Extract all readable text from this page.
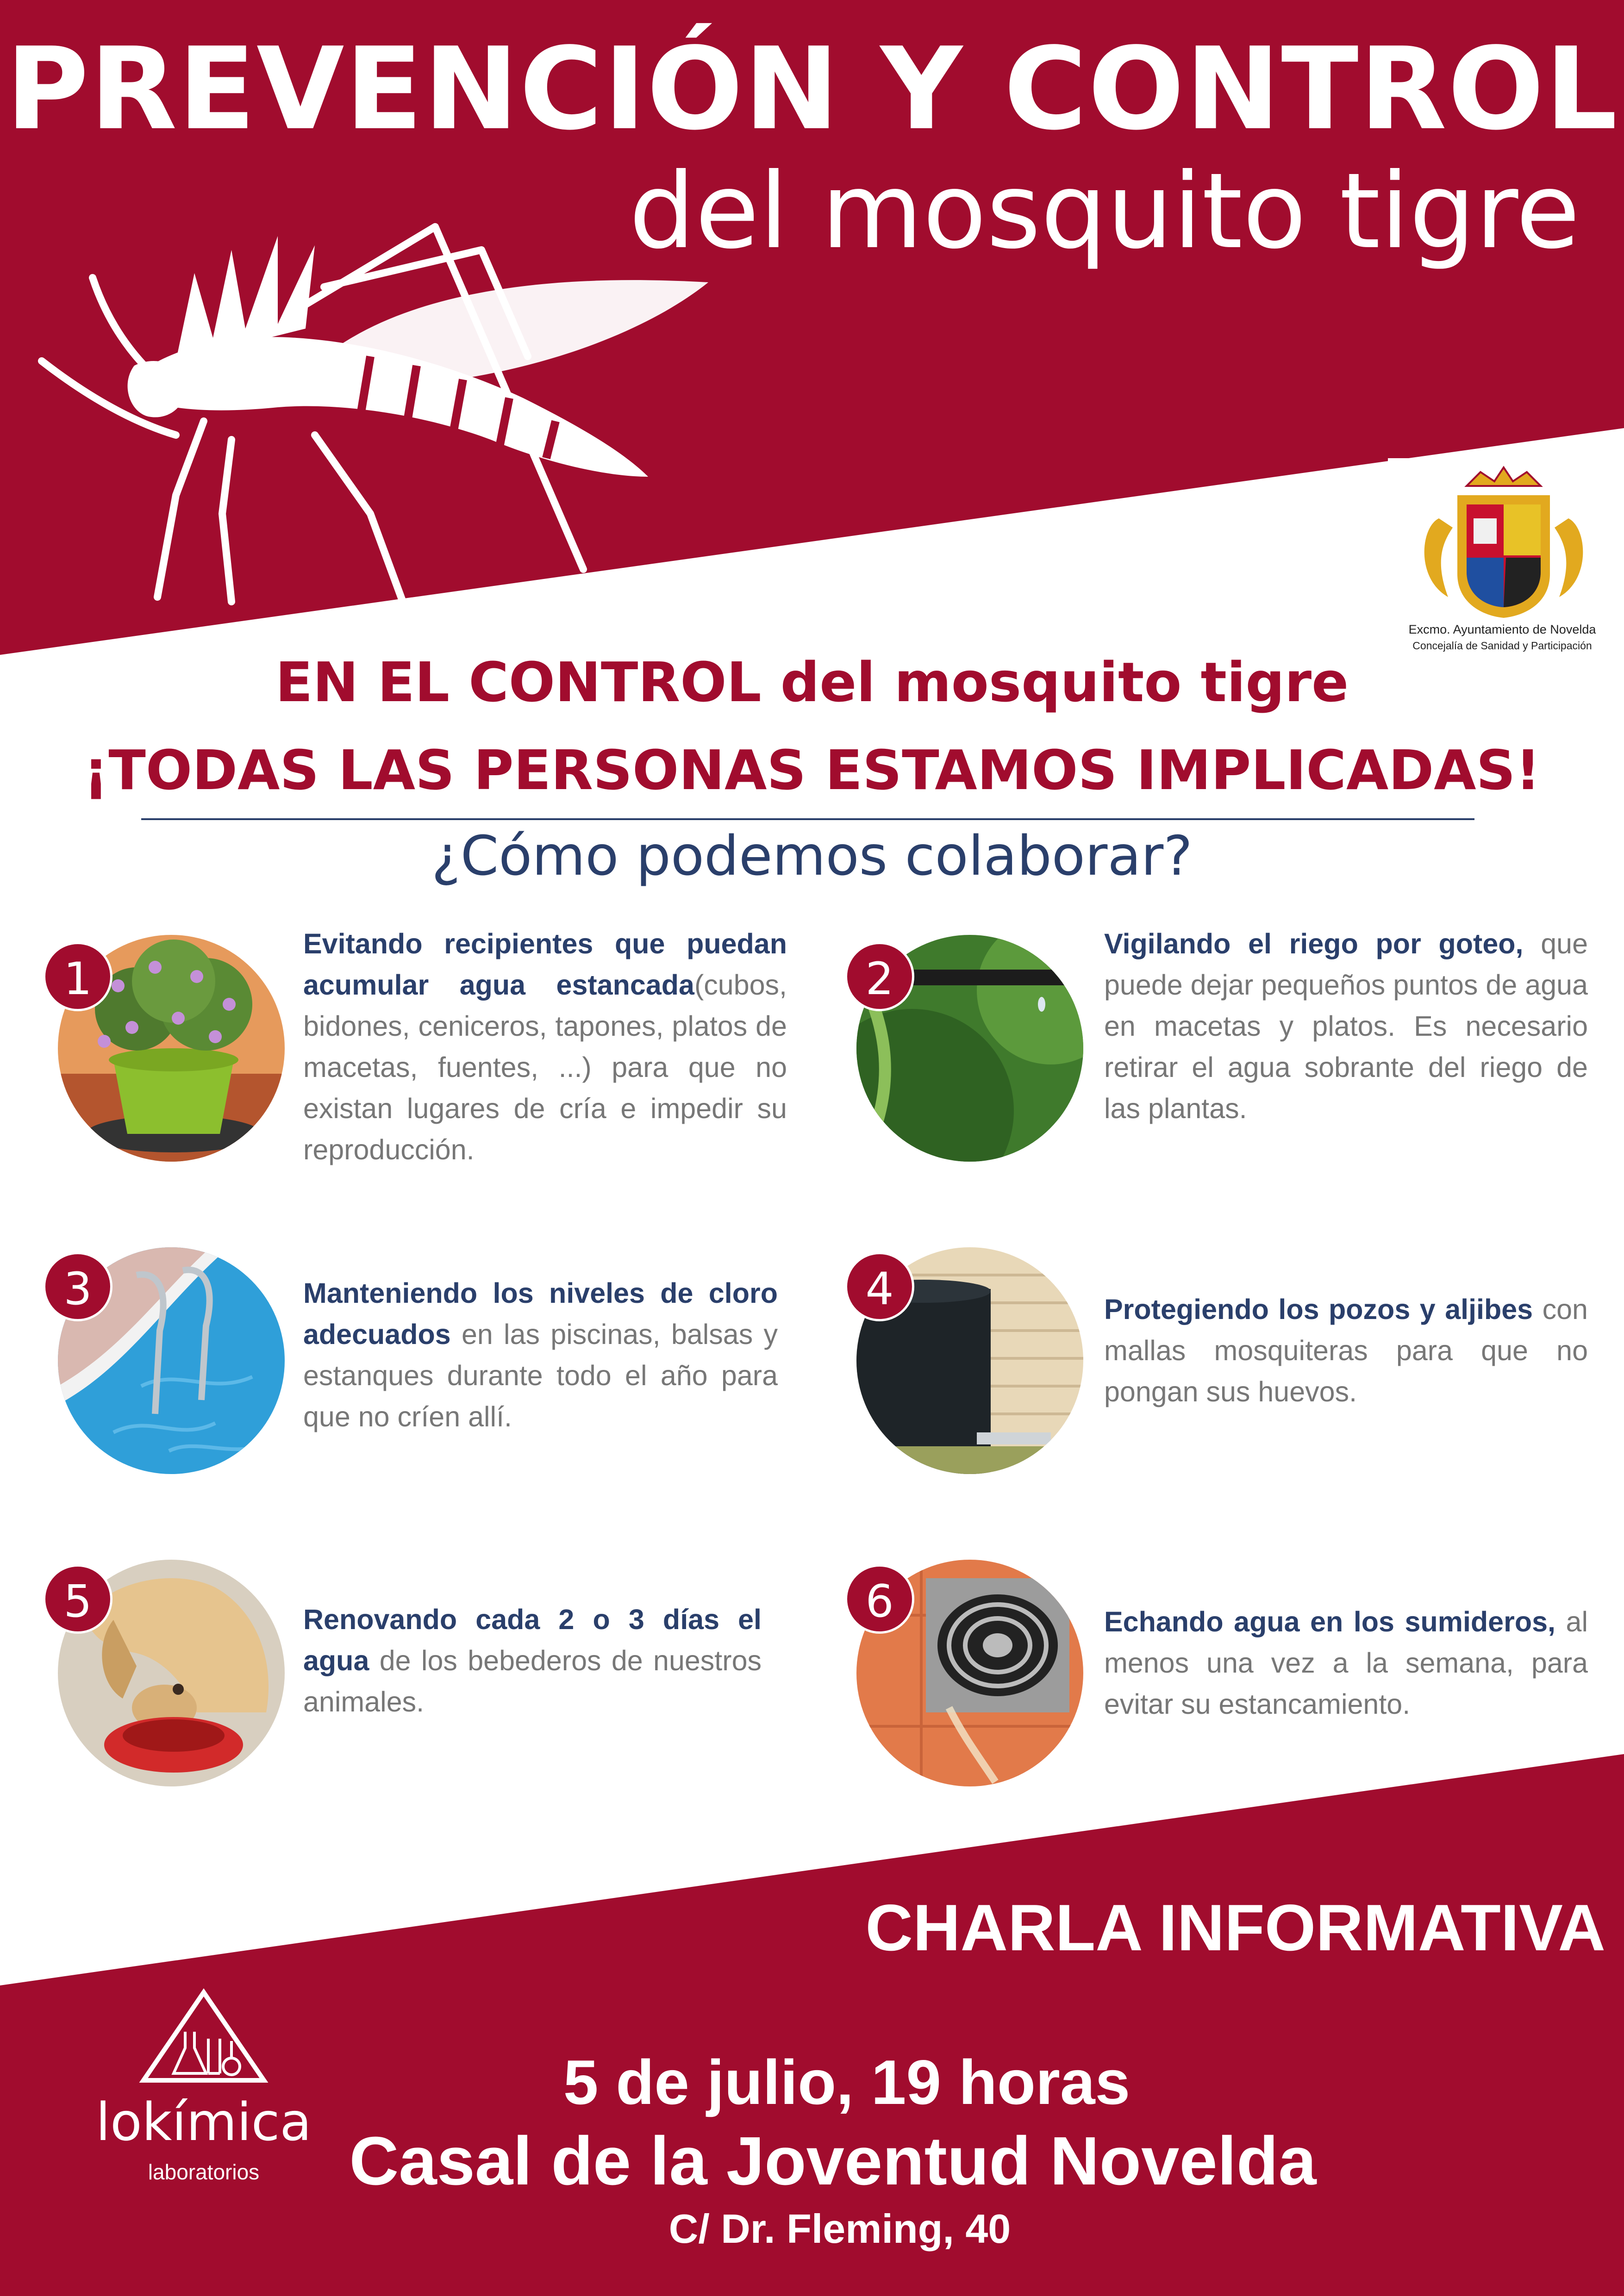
PREVENCIÓN Y CONTROL
del mosquito tigre
Excmo. Ayuntamiento de Novelda
Concejalía de Sanidad y Participación
EN EL CONTROL del mosquito tigre
¡TODAS LAS PERSONAS ESTAMOS IMPLICADAS!
¿Cómo podemos colaborar?
1
Evitando recipientes que puedan acumular agua estancada(cubos, bidones, ceniceros, tapones, platos de macetas, fuentes, ...) para que no existan lugares de cría e impedir su reproducción.
2
Vigilando el riego por goteo, que puede dejar pequeños puntos de agua en macetas y platos. Es necesario retirar el agua sobrante del riego de las plantas.
3	Manteniendo los niveles de cloro adecuados en las piscinas, balsas y estanques durante todo el año para que no críen allí.
4	Protegiendo los pozos y aljibes con mallas mosquiteras para que no pongan sus huevos.
5	Renovando cada 2 o 3 días el agua de los bebederos de nuestros animales.
6	Echando agua en los sumideros, al menos una vez a la semana, para evitar su estancamiento.
CHARLA INFORMATIVA
5 de julio, 19 horas
Casal de la Joventud Novelda
C/ Dr. Fleming, 40
lokímica
laboratorios
